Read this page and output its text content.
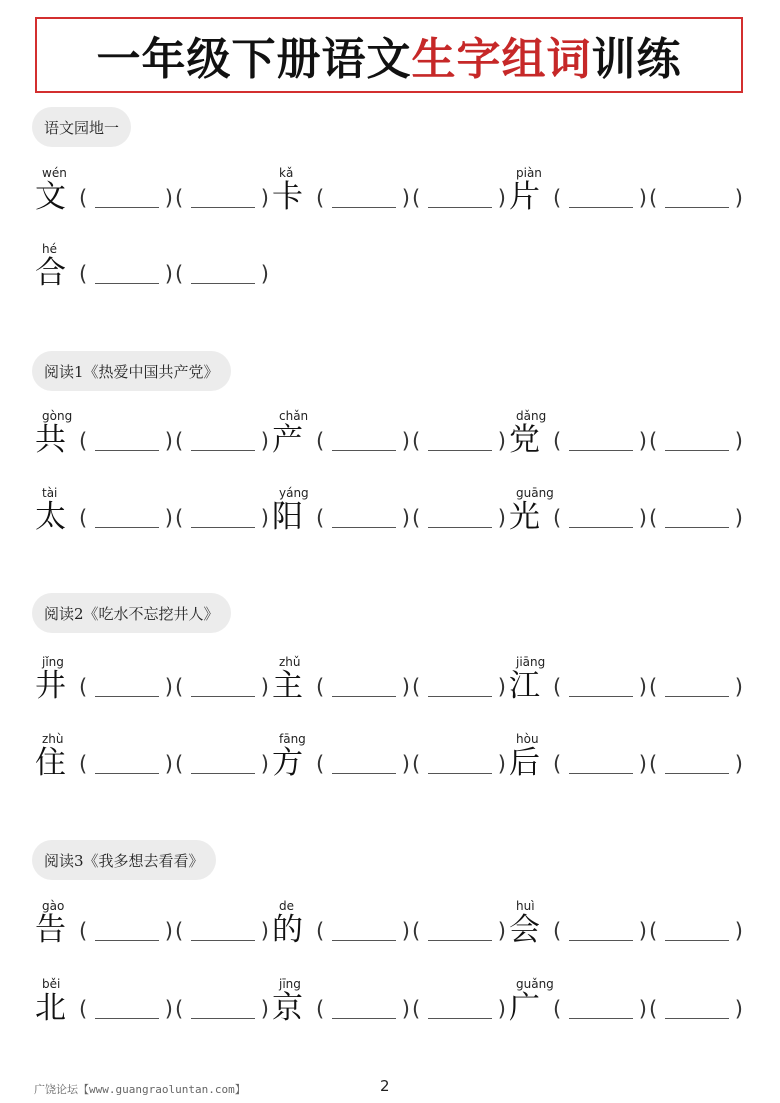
一年级下册语文生字组词训练
语文园地一
wén
文 (	) (	)
kǎ
卡 (	) (	)
piàn
片 (	) (	)
hé
合 (	) (	)
阅读1《热爱中国共产党》
gòng
共 (	) (	)
chǎn
产 (	) (	)
dǎng
党 (	) (	)
tài
太 (	) (	)
yáng
阳 (	) (	)
guāng
光 (	) (	)
阅读2《吃水不忘挖井人》
jǐng
井 (	) (	)
zhǔ
主 (	) (	)
jiāng
江 (	) (	)
zhù
住 (	) (	)
fāng
方 (	) (	)
hòu
后 (	) (	)
阅读3《我多想去看看》
gào
告 (	) (	)
de
的 (	) (	)
huì
会 (	) (	)
běi
北 (	) (	)
jīng
京 (	) (	)
guǎng
广 (	) (	)
广饶论坛【www.guangraoluntan.com】	2
